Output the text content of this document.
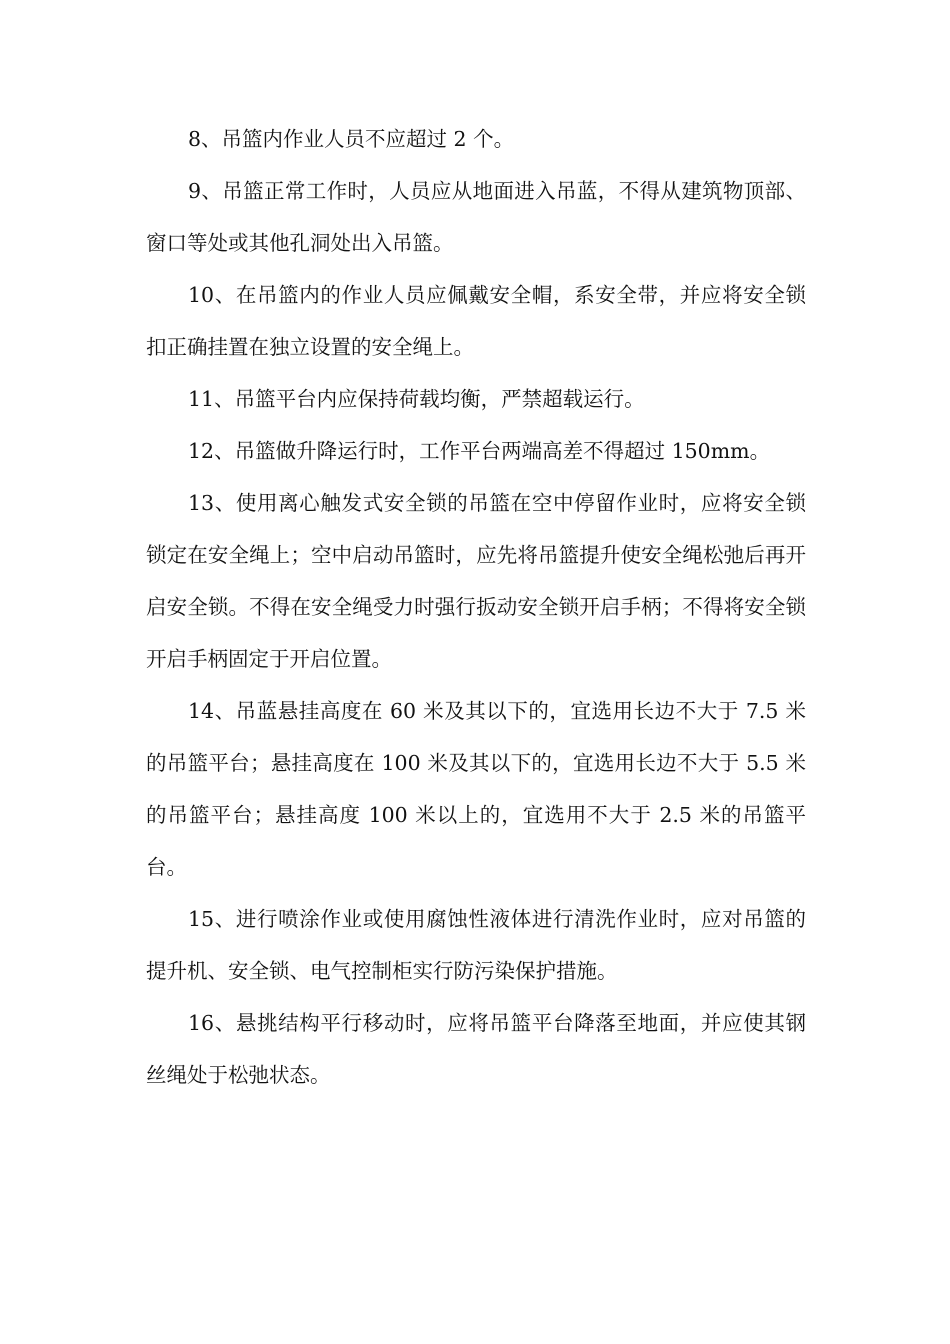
8、吊篮内作业人员不应超过 2 个。

9、吊篮正常工作时，人员应从地面进入吊蓝，不得从建筑物顶部、窗口等处或其他孔洞处出入吊篮。

10、在吊篮内的作业人员应佩戴安全帽，系安全带，并应将安全锁扣正确挂置在独立设置的安全绳上。

11、吊篮平台内应保持荷载均衡，严禁超载运行。

12、吊篮做升降运行时，工作平台两端高差不得超过 150mm。

13、使用离心触发式安全锁的吊篮在空中停留作业时，应将安全锁锁定在安全绳上；空中启动吊篮时，应先将吊篮提升使安全绳松弛后再开启安全锁。不得在安全绳受力时强行扳动安全锁开启手柄；不得将安全锁开启手柄固定于开启位置。

14、吊蓝悬挂高度在 60 米及其以下的，宜选用长边不大于 7.5 米的吊篮平台；悬挂高度在 100 米及其以下的，宜选用长边不大于 5.5 米的吊篮平台；悬挂高度 100 米以上的，宜选用不大于 2.5 米的吊篮平台。

15、进行喷涂作业或使用腐蚀性液体进行清洗作业时，应对吊篮的提升机、安全锁、电气控制柜实行防污染保护措施。

16、悬挑结构平行移动时，应将吊篮平台降落至地面，并应使其钢丝绳处于松弛状态。
